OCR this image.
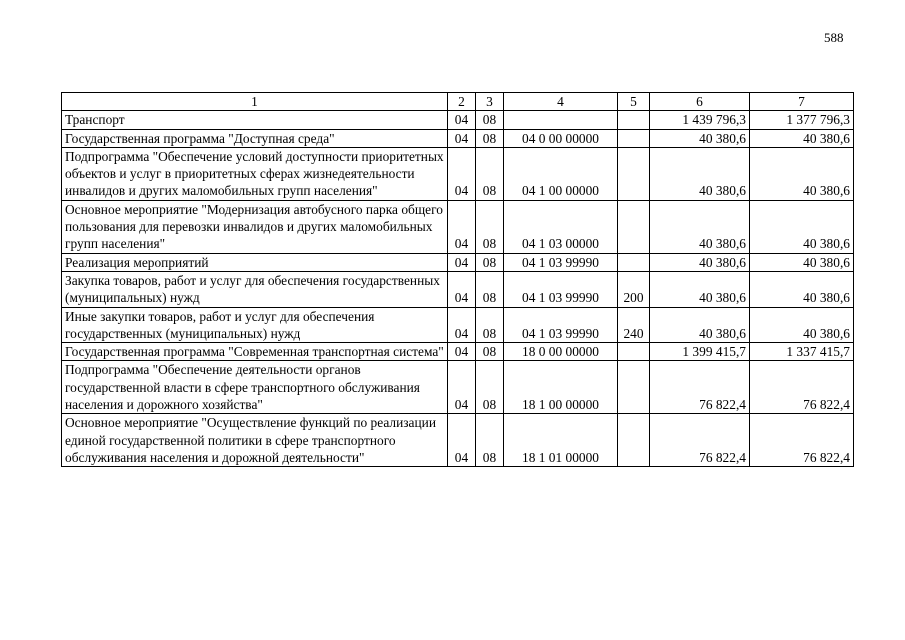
588
1	2	3	4	5	6	7
Транспорт	04	08			1 439 796,3	1 377 796,3
Государственная программа "Доступная среда"	04	08	04 0 00 00000		40 380,6	40 380,6
Подпрограмма "Обеспечение условий доступности приоритетных объектов и услуг в приоритетных сферах жизнедеятельности инвалидов и других маломобильных групп населения"	04	08	04 1 00 00000		40 380,6	40 380,6
Основное мероприятие "Модернизация автобусного парка общего пользования для перевозки инвалидов и других маломобильных групп населения"	04	08	04 1 03 00000		40 380,6	40 380,6
Реализация мероприятий	04	08	04 1 03 99990		40 380,6	40 380,6
Закупка товаров, работ и услуг для обеспечения государственных (муниципальных) нужд	04	08	04 1 03 99990	200	40 380,6	40 380,6
Иные закупки товаров, работ и услуг для обеспечения государственных (муниципальных) нужд	04	08	04 1 03 99990	240	40 380,6	40 380,6
Государственная программа "Современная транспортная система"	04	08	18 0 00 00000		1 399 415,7	1 337 415,7
Подпрограмма "Обеспечение деятельности органов государственной власти в сфере транспортного обслуживания населения и дорожного хозяйства"	04	08	18 1 00 00000		76 822,4	76 822,4
Основное мероприятие "Осуществление функций по реализации единой государственной политики в сфере транспортного обслуживания населения и дорожной деятельности"	04	08	18 1 01 00000		76 822,4	76 822,4
